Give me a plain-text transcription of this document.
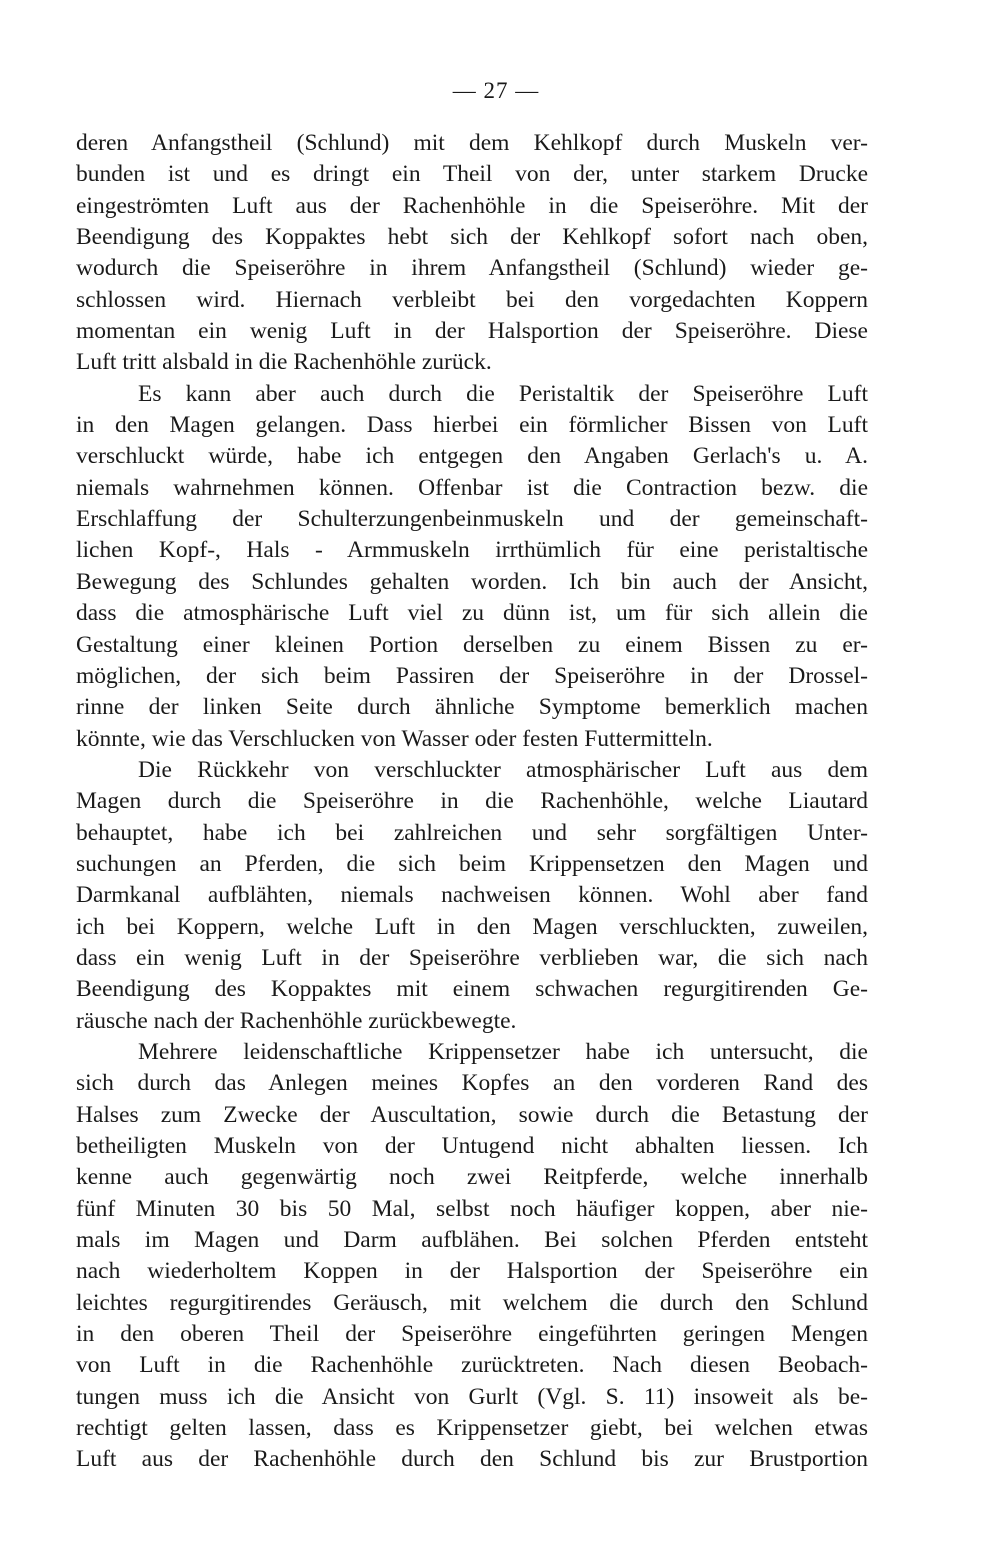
— 27 —
deren Anfangstheil (Schlund) mit dem Kehlkopf durch Muskeln ver-
bunden ist und es dringt ein Theil von der, unter starkem Drucke
eingeströmten Luft aus der Rachenhöhle in die Speiseröhre. Mit der
Beendigung des Koppaktes hebt sich der Kehlkopf sofort nach oben,
wodurch die Speiseröhre in ihrem Anfangstheil (Schlund) wieder ge-
schlossen wird. Hiernach verbleibt bei den vorgedachten Koppern
momentan ein wenig Luft in der Halsportion der Speiseröhre. Diese
Luft tritt alsbald in die Rachenhöhle zurück.
Es kann aber auch durch die Peristaltik der Speiseröhre Luft
in den Magen gelangen. Dass hierbei ein förmlicher Bissen von Luft
verschluckt würde, habe ich entgegen den Angaben Gerlach's u. A.
niemals wahrnehmen können. Offenbar ist die Contraction bezw. die
Erschlaffung der Schulterzungenbeinmuskeln und der gemeinschaft-
lichen Kopf-, Hals - Armmuskeln irrthümlich für eine peristaltische
Bewegung des Schlundes gehalten worden. Ich bin auch der Ansicht,
dass die atmosphärische Luft viel zu dünn ist, um für sich allein die
Gestaltung einer kleinen Portion derselben zu einem Bissen zu er-
möglichen, der sich beim Passiren der Speiseröhre in der Drossel-
rinne der linken Seite durch ähnliche Symptome bemerklich machen
könnte, wie das Verschlucken von Wasser oder festen Futtermitteln.
Die Rückkehr von verschluckter atmosphärischer Luft aus dem
Magen durch die Speiseröhre in die Rachenhöhle, welche Liautard
behauptet, habe ich bei zahlreichen und sehr sorgfältigen Unter-
suchungen an Pferden, die sich beim Krippensetzen den Magen und
Darmkanal aufblähten, niemals nachweisen können. Wohl aber fand
ich bei Koppern, welche Luft in den Magen verschluckten, zuweilen,
dass ein wenig Luft in der Speiseröhre verblieben war, die sich nach
Beendigung des Koppaktes mit einem schwachen regurgitirenden Ge-
räusche nach der Rachenhöhle zurückbewegte.
Mehrere leidenschaftliche Krippensetzer habe ich untersucht, die
sich durch das Anlegen meines Kopfes an den vorderen Rand des
Halses zum Zwecke der Auscultation, sowie durch die Betastung der
betheiligten Muskeln von der Untugend nicht abhalten liessen. Ich
kenne auch gegenwärtig noch zwei Reitpferde, welche innerhalb
fünf Minuten 30 bis 50 Mal, selbst noch häufiger koppen, aber nie-
mals im Magen und Darm aufblähen. Bei solchen Pferden entsteht
nach wiederholtem Koppen in der Halsportion der Speiseröhre ein
leichtes regurgitirendes Geräusch, mit welchem die durch den Schlund
in den oberen Theil der Speiseröhre eingeführten geringen Mengen
von Luft in die Rachenhöhle zurücktreten. Nach diesen Beobach-
tungen muss ich die Ansicht von Gurlt (Vgl. S. 11) insoweit als be-
rechtigt gelten lassen, dass es Krippensetzer giebt, bei welchen etwas
Luft aus der Rachenhöhle durch den Schlund bis zur Brustportion
